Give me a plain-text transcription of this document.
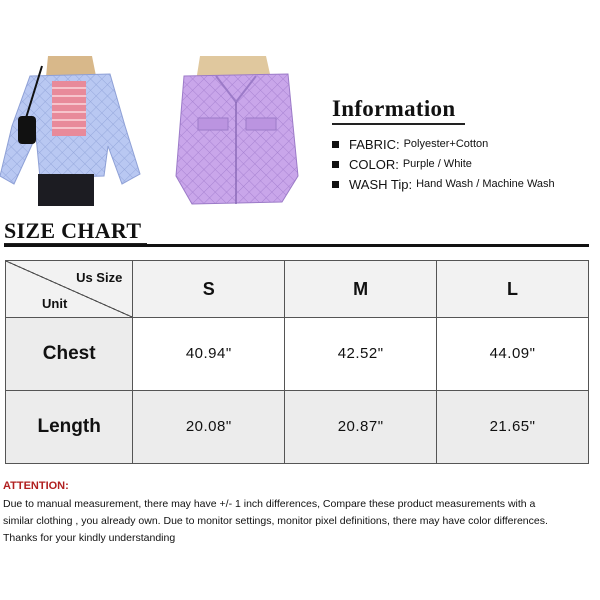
Information
FABRIC: Polyester+Cotton
COLOR: Purple / White
WASH Tip: Hand Wash / Machine Wash
SIZE CHART
Us Size
Unit	S	M	L
Chest	40.94"	42.52"	44.09"
Length	20.08"	20.87"	21.65"
ATTENTION:
Due to manual measurement, there may have +/- 1 inch differences, Compare these product measurements with a
similar clothing , you already own. Due to monitor settings, monitor pixel definitions, there may have color differences.
Thanks for your kindly understanding
